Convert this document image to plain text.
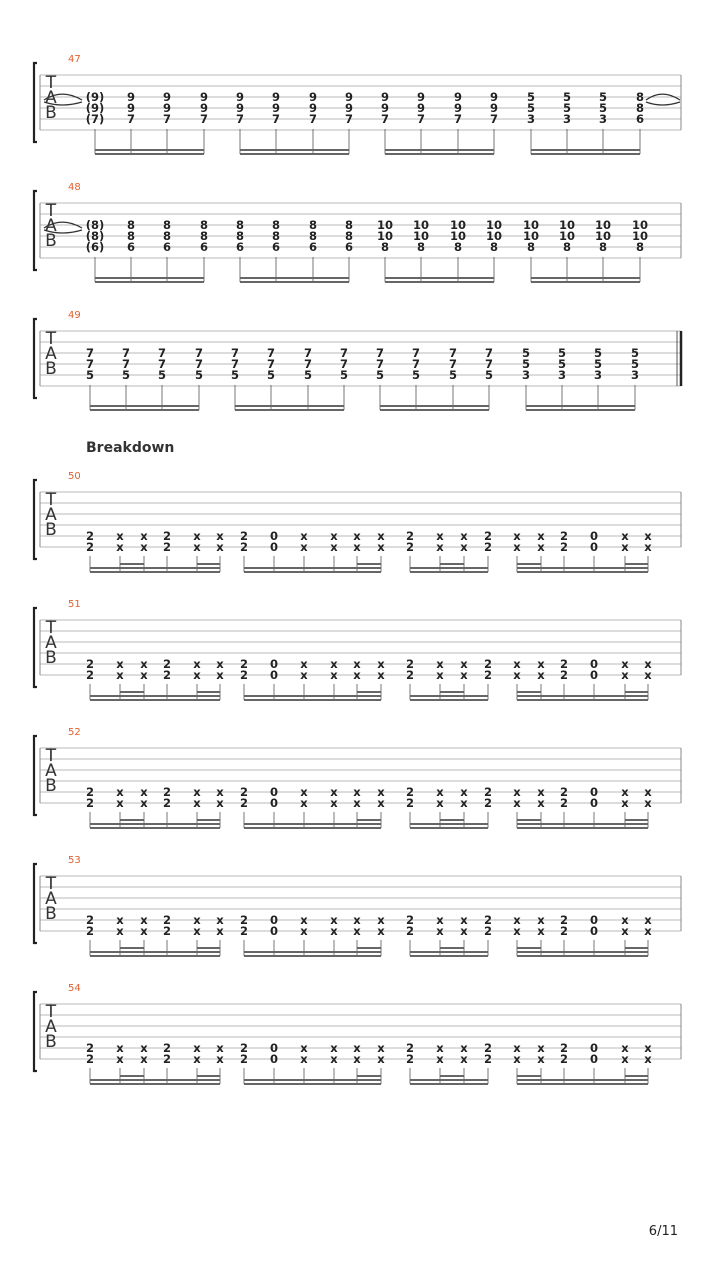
T
A
B
47
(9)
(9)
(7)
9
9
7
9
9
7
9
9
7
9
9
7
9
9
7
9
9
7
9
9
7
9
9
7
9
9
7
9
9
7
9
9
7
5
5
3
5
5
3
5
5
3
8
8
6
T
A
B
48
(8)
(8)
(6)
8
8
6
8
8
6
8
8
6
8
8
6
8
8
6
8
8
6
8
8
6
10
10
8
10
10
8
10
10
8
10
10
8
10
10
8
10
10
8
10
10
8
10
10
8
T
A
B
49
7
7
5
7
7
5
7
7
5
7
7
5
7
7
5
7
7
5
7
7
5
7
7
5
7
7
5
7
7
5
7
7
5
7
7
5
5
5
3
5
5
3
5
5
3
5
5
3
T
A
B
50
2
2
x
x
x
x
2
2
x
x
x
x
2
2
0
0
x
x
x
x
x
x
x
x
2
2
x
x
x
x
2
2
x
x
x
x
2
2
0
0
x
x
x
x
T
A
B
51
2
2
x
x
x
x
2
2
x
x
x
x
2
2
0
0
x
x
x
x
x
x
x
x
2
2
x
x
x
x
2
2
x
x
x
x
2
2
0
0
x
x
x
x
T
A
B
52
2
2
x
x
x
x
2
2
x
x
x
x
2
2
0
0
x
x
x
x
x
x
x
x
2
2
x
x
x
x
2
2
x
x
x
x
2
2
0
0
x
x
x
x
T
A
B
53
2
2
x
x
x
x
2
2
x
x
x
x
2
2
0
0
x
x
x
x
x
x
x
x
2
2
x
x
x
x
2
2
x
x
x
x
2
2
0
0
x
x
x
x
T
A
B
54
2
2
x
x
x
x
2
2
x
x
x
x
2
2
0
0
x
x
x
x
x
x
x
x
2
2
x
x
x
x
2
2
x
x
x
x
2
2
0
0
x
x
x
x
Breakdown
6/11
